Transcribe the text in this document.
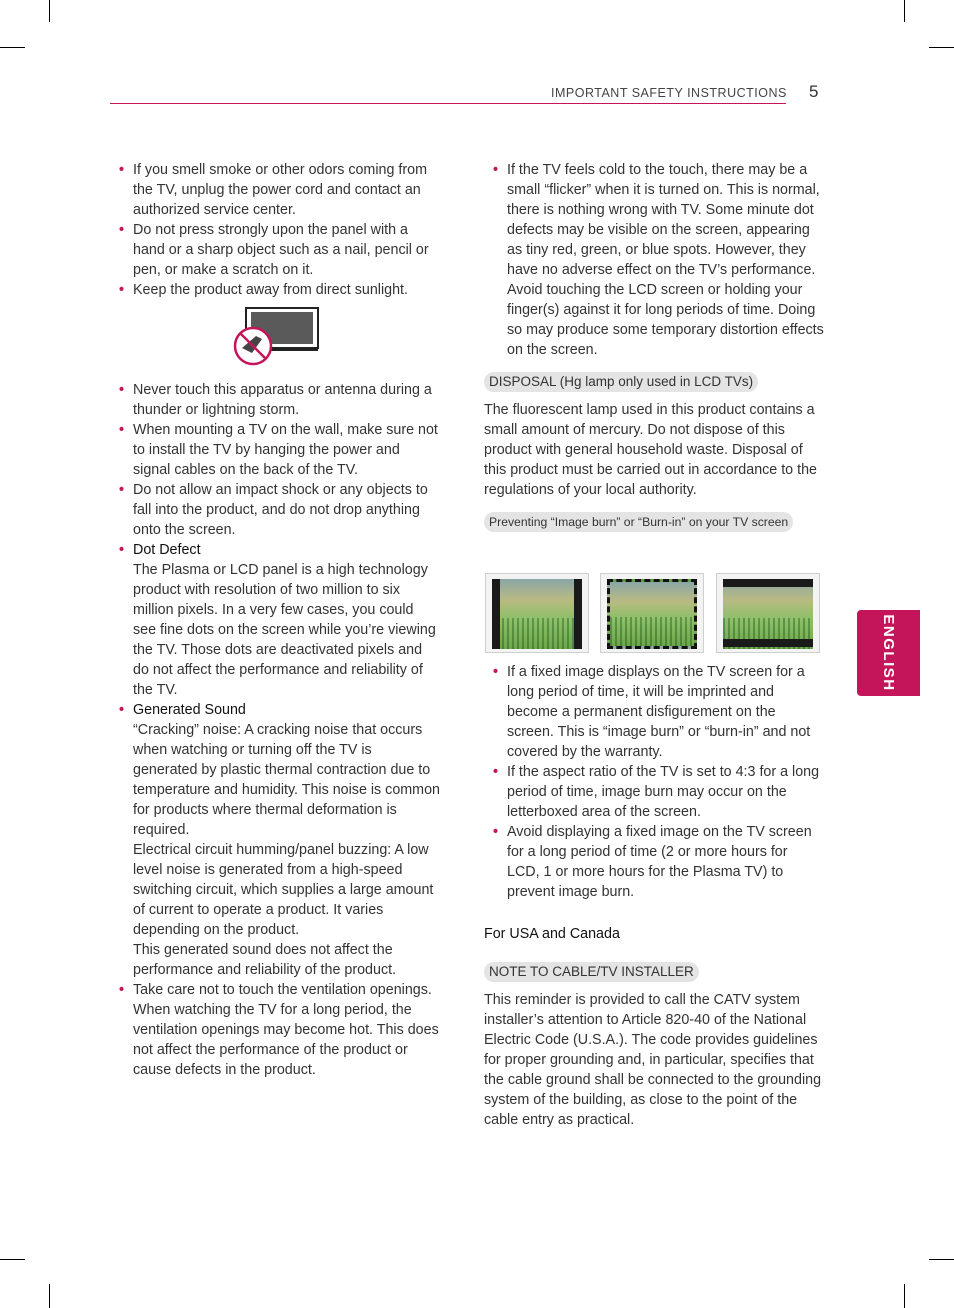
IMPORTANT SAFETY INSTRUCTIONS 5
ENGLISH
• If you smell smoke or other odors coming from the TV, unplug the power cord and contact an authorized service center.
• Do not press strongly upon the panel with a hand or a sharp object such as a nail, pencil or pen, or make a scratch on it.
• Keep the product away from direct sunlight.
• Never touch this apparatus or antenna during a thunder or lightning storm.
• When mounting a TV on the wall, make sure not to install the TV by hanging the power and signal cables on the back of the TV.
• Do not allow an impact shock or any objects to fall into the product, and do not drop anything onto the screen.
• Dot Defect

The Plasma or LCD panel is a high technology product with resolution of two million to six million pixels. In a very few cases, you could see fine dots on the screen while you’re viewing the TV. Those dots are deactivated pixels and do not affect the performance and reliability of the TV.

• Generated Sound

“Cracking” noise: A cracking noise that occurs when watching or turning off the TV is generated by plastic thermal contraction due to temperature and humidity. This noise is common for products where thermal deformation is required.

Electrical circuit humming/panel buzzing: A low level noise is generated from a high-speed switching circuit, which supplies a large amount of current to operate a product. It varies depending on the product.

This generated sound does not affect the performance and reliability of the product.

• Take care not to touch the ventilation openings. When watching the TV for a long period, the ventilation openings may become hot. This does not affect the performance of the product or cause defects in the product.
• If the TV feels cold to the touch, there may be a small “flicker” when it is turned on. This is normal, there is nothing wrong with TV. Some minute dot defects may be visible on the screen, appearing as tiny red, green, or blue spots. However, they have no adverse effect on the TV’s performance. Avoid touching the LCD screen or holding your finger(s) against it for long periods of time. Doing so may produce some temporary distortion effects on the screen.
DISPOSAL (Hg lamp only used in LCD TVs)

The fluorescent lamp used in this product contains a small amount of mercury. Do not dispose of this product with general household waste. Disposal of this product must be carried out in accordance to the regulations of your local authority.

Preventing “Image burn” or “Burn-in” on your TV screen
• If a fixed image displays on the TV screen for a long period of time, it will be imprinted and become a permanent disfigurement on the screen. This is “image burn” or “burn-in” and not covered by the warranty.
• If the aspect ratio of the TV is set to 4:3 for a long period of time, image burn may occur on the letterboxed area of the screen.
• Avoid displaying a fixed image on the TV screen for a long period of time (2 or more hours for LCD, 1 or more hours for the Plasma TV) to prevent image burn.
For USA and Canada
NOTE TO CABLE/TV INSTALLER

This reminder is provided to call the CATV system installer’s attention to Article 820-40 of the National Electric Code (U.S.A.). The code provides guidelines for proper grounding and, in particular, specifies that the cable ground shall be connected to the grounding system of the building, as close to the point of the cable entry as practical.
